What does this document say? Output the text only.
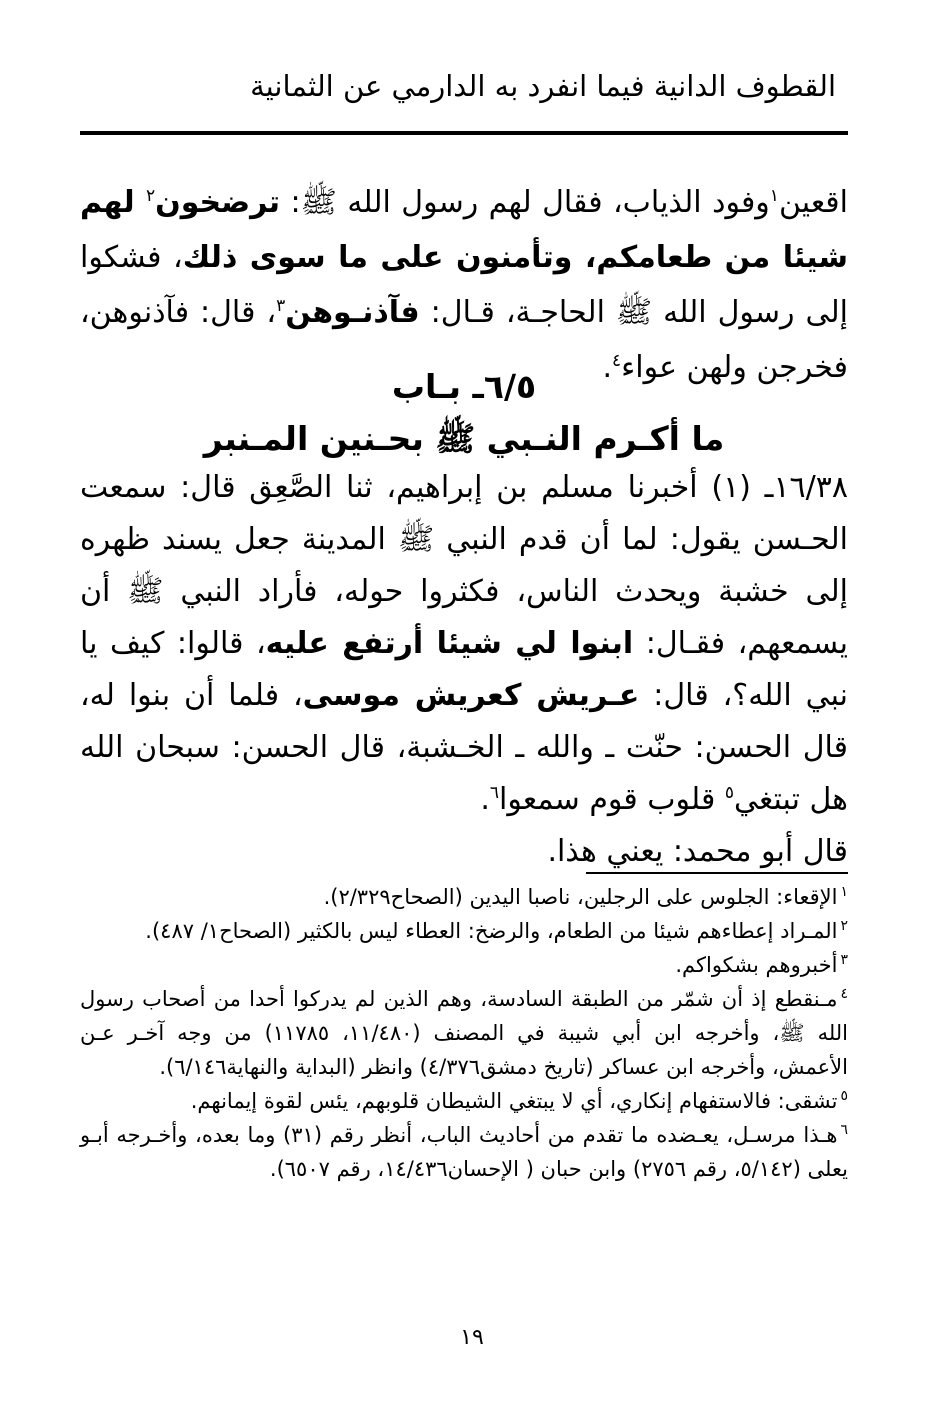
القطوف الدانية فيما انفرد به الدارمي عن الثمانية
اقعين$^١$وفود الذياب، فقال لهم رسول الله ﷺ: ترضخون$^٢$ لهم شيئا من طعامكم، وتأمنون على ما سوى ذلك، فشكوا إلى رسول الله ﷺ الحاجـة، قـال: فآذنـوهن$^٣$، قال: فآذنوهن، فخرجن ولهن عواء$^٤$.
٦/٥ـ بـاب
ما أكـرم النـبي ﷺ بحـنين المـنبر

١٦/٣٨ـ (١) أخبرنا مسلم بن إبراهيم، ثنا الصَّعِق قال: سمعت الحـسن يقول: لما أن قدم النبي ﷺ المدينة جعل يسند ظهره إلى خشبة ويحدث الناس، فكثروا حوله، فأراد النبي ﷺ أن يسمعهم، فقـال: ابنوا لي شيئا أرتفع عليه، قالوا: كيف يا نبي الله؟، قال: عـريش كعريش موسى، فلما أن بنوا له، قال الحسن: حنّت ـ والله ـ الخـشبة، قال الحسن: سبحان الله هل تبتغي$^٥$ قلوب قوم سمعوا$^٦$.

قال أبو محمد: يعني هذا.

$^١$الإقعاء: الجلوس على الرجلين، ناصبا اليدين (الصحاح٢/٣٢٩).

$^٢$المـراد إعطاءهم شيئا من الطعام، والرضخ: العطاء ليس بالكثير (الصحاح١/ ٤٨٧).

$^٣$أخبروهم بشكواكم.

$^٤$مـنقطع إذ أن شمّر من الطبقة السادسة، وهم الذين لم يدركوا أحدا من أصحاب رسول الله ﷺ، وأخرجه ابن أبي شيبة في المصنف (١١/٤٨٠، ١١٧٨٥) من وجه آخـر عـن الأعمش، وأخرجه ابن عساكر (تاريخ دمشق٤/٣٧٦) وانظر (البداية والنهاية٦/١٤٦).

$^٥$تشقى: فالاستفهام إنكاري، أي لا يبتغي الشيطان قلوبهم، يئس لقوة إيمانهم.

$^٦$هـذا مرسـل، يعـضده ما تقدم من أحاديث الباب، أنظر رقم (٣١) وما بعده، وأخـرجه أبـو يعلى (٥/١٤٢، رقم ٢٧٥٦) وابن حبان ( الإحسان١٤/٤٣٦، رقم ٦٥٠٧).

١٩
